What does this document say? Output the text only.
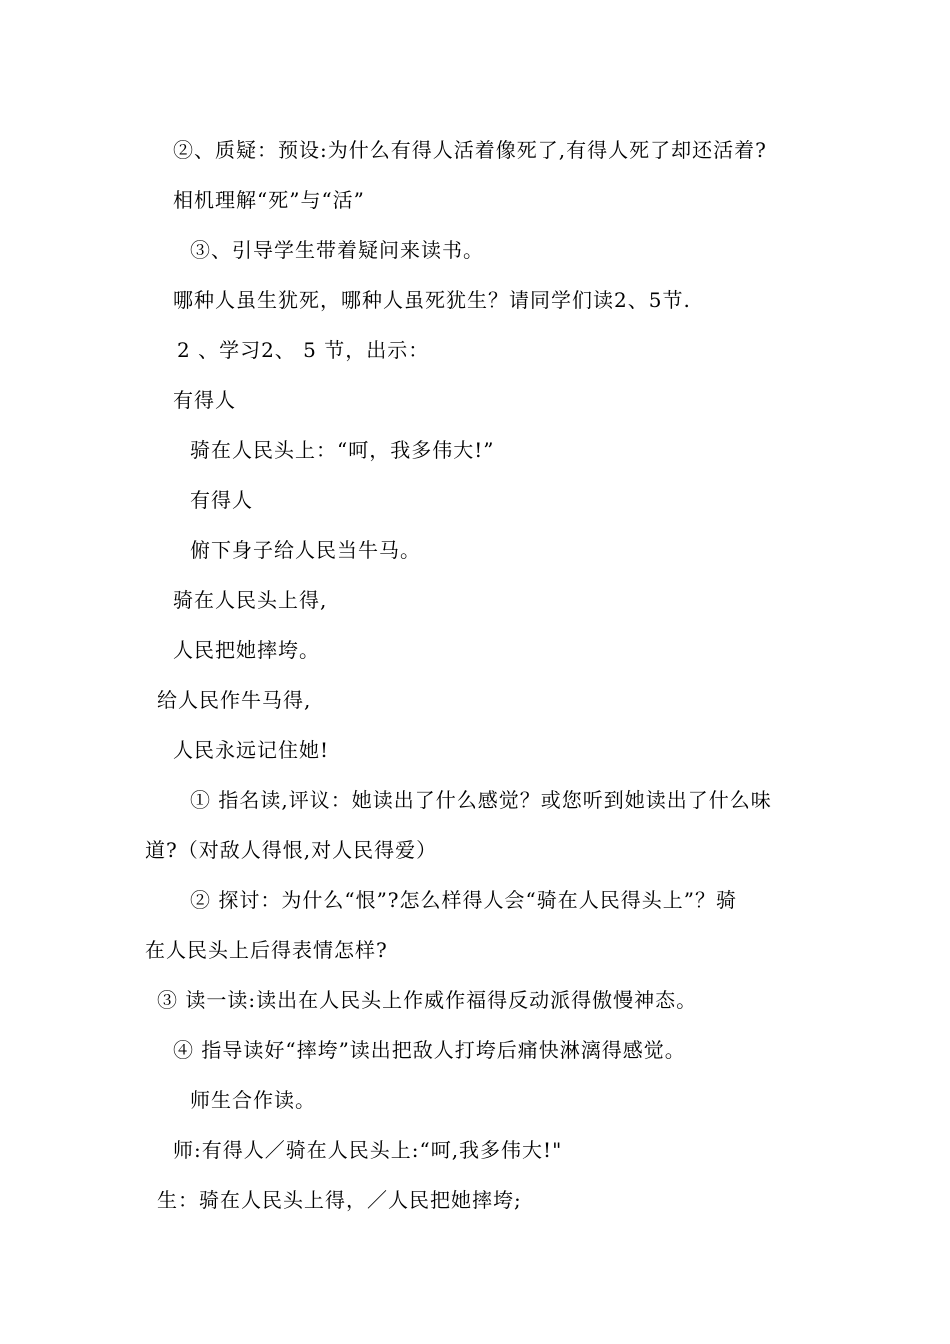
②、质疑：预设:为什么有得人活着像死了,有得人死了却还活着?
相机理解“死”与“活”
③、引导学生带着疑问来读书。
哪种人虽生犹死，哪种人虽死犹生？请同学们读2、5节.
2 、学习2、 5 节，出示：
有得人
骑在人民头上：“呵，我多伟大!”
有得人
俯下身子给人民当牛马。
骑在人民头上得,
人民把她摔垮。
给人民作牛马得,
人民永远记住她!
① 指名读,评议：她读出了什么感觉？或您听到她读出了什么味
道?（对敌人得恨,对人民得爱）
② 探讨：为什么“恨”?怎么样得人会“骑在人民得头上”？骑
在人民头上后得表情怎样?
③ 读一读:读出在人民头上作威作福得反动派得傲慢神态。
④ 指导读好“摔垮”读出把敌人打垮后痛快淋漓得感觉。
师生合作读。
师:有得人／骑在人民头上:“呵,我多伟大!"
生：骑在人民头上得，／人民把她摔垮;
